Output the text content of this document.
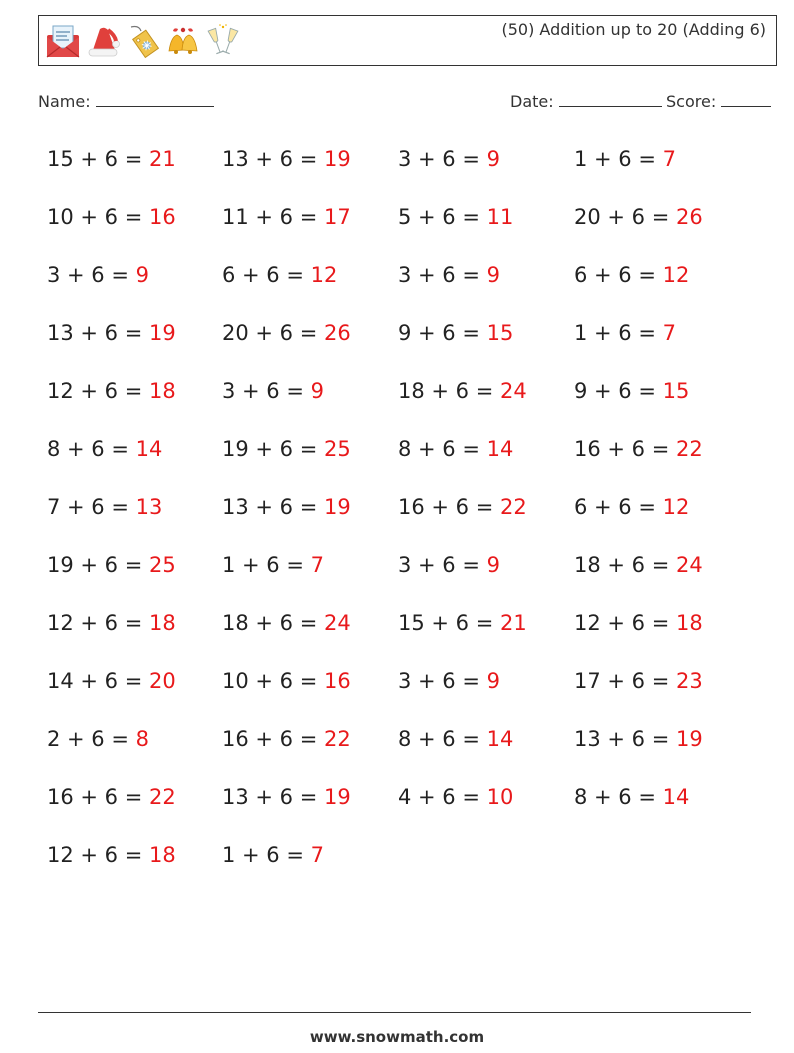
(50) Addition up to 20 (Adding 6)
Name:	Date:	Score:
15 + 6 = 21 13 + 6 = 19 3 + 6 = 9	1 + 6 = 7
10 + 6 = 16 11 + 6 = 17 5 + 6 = 11	20 + 6 = 26
3 + 6 = 9	6 + 6 = 12	3 + 6 = 9	6 + 6 = 12
13 + 6 = 19 20 + 6 = 26 9 + 6 = 15	1 + 6 = 7
12 + 6 = 18 3 + 6 = 9	18 + 6 = 24 9 + 6 = 15
8 + 6 = 14	19 + 6 = 25 8 + 6 = 14	16 + 6 = 22
7 + 6 = 13	13 + 6 = 19 16 + 6 = 22 6 + 6 = 12
19 + 6 = 25 1 + 6 = 7	3 + 6 = 9	18 + 6 = 24
12 + 6 = 18 18 + 6 = 24 15 + 6 = 21 12 + 6 = 18
14 + 6 = 20 10 + 6 = 16 3 + 6 = 9	17 + 6 = 23
2 + 6 = 8	16 + 6 = 22 8 + 6 = 14	13 + 6 = 19
16 + 6 = 22 13 + 6 = 19 4 + 6 = 10	8 + 6 = 14
12 + 6 = 18 1 + 6 = 7
www.snowmath.com
